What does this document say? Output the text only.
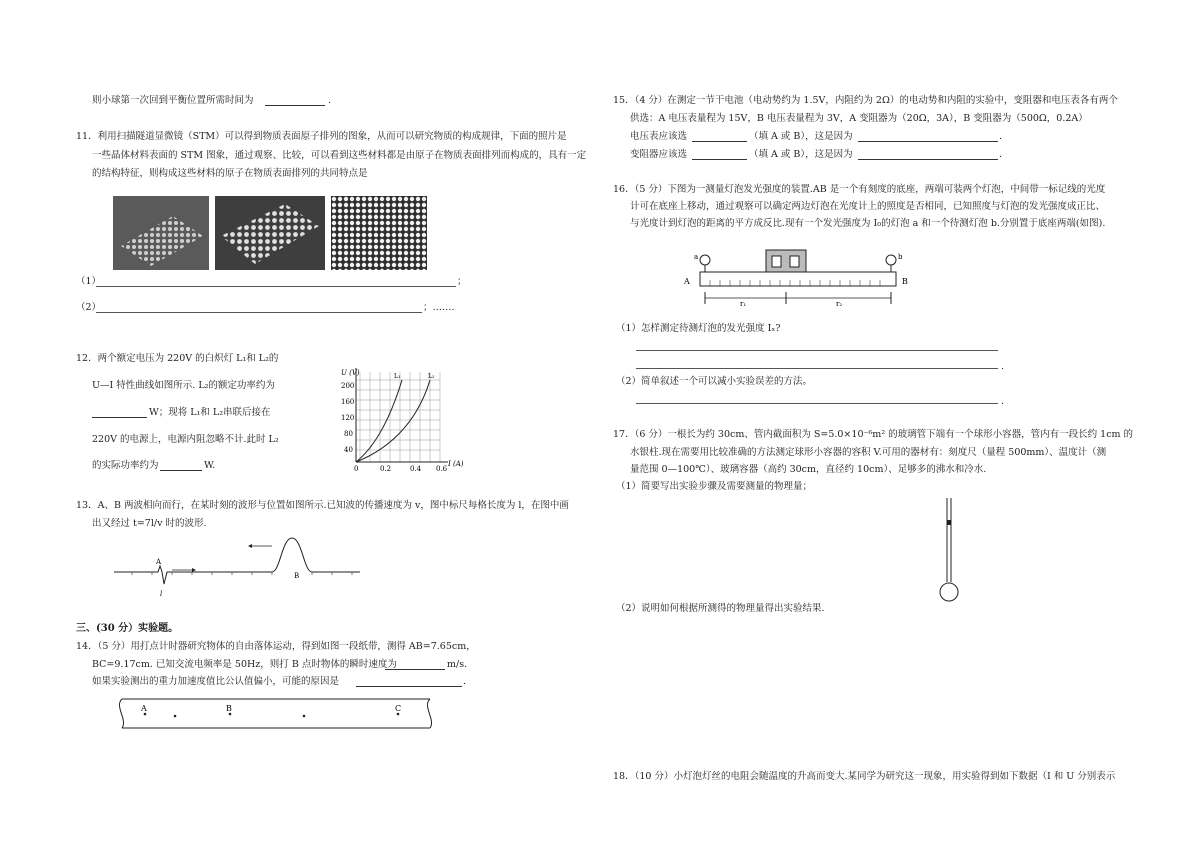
则小球第一次回到平衡位置所需时间为	.
11．利用扫描隧道显微镜（STM）可以得到物质表面原子排列的图象，从而可以研究物质的构成规律，下面的照片是
一些晶体材料表面的 STM 图象，通过观察、比较，可以看到这些材料都是由原子在物质表面排列而构成的，具有一定
的结构特征，则构成这些材料的原子在物质表面排列的共同特点是
（1）	；
（2）	；…….
12．两个额定电压为 220V 的白炽灯 L₁和 L₂的
U—I 特性曲线如图所示. L₂的额定功率约为
W；现将 L₁和 L₂串联后接在
220V 的电源上，电源内阻忽略不计.此时 L₂
的实际功率约为	W.
U (V)
200
160
120
80
40
0	0.2	0.4 0.6
I (A)
L₁	L₂
13．A、B 两波相向而行，在某时刻的波形与位置如图所示.已知波的传播速度为 v，图中标尺每格长度为 l，在图中画
出又经过 t=7l/v 时的波形.
A
B
l
三、(30 分）实验题。
14．（5 分）用打点计时器研究物体的自由落体运动，得到如图一段纸带，测得 AB=7.65cm，
BC=9.17cm. 已知交流电频率是 50Hz，则打 B 点时物体的瞬时速度为	m/s.
如果实验测出的重力加速度值比公认值偏小，可能的原因是	.
A	B	C
15．（4 分）在测定一节干电池（电动势约为 1.5V，内阻约为 2Ω）的电动势和内阻的实验中，变阻器和电压表各有两个
供选：A 电压表量程为 15V，B 电压表量程为 3V，A 变阻器为（20Ω，3A），B 变阻器为（500Ω，0.2A）
电压表应该选	（填 A 或 B），这是因为	.
变阻器应该选	（填 A 或 B），这是因为	.
16．（5 分）下图为一测量灯泡发光强度的装置.AB 是一个有刻度的底座，两端可装两个灯泡，中间带一标记线的光度
计可在底座上移动，通过观察可以确定两边灯泡在光度计上的照度是否相同，已知照度与灯泡的发光强度成正比、
与光度计到灯泡的距离的平方成反比.现有一个发光强度为 I₀的灯泡 a 和一个待测灯泡 b.分别置于底座两端(如图).
a	b
A	B
r₁	r₂
（1）怎样测定待测灯泡的发光强度 Iₓ?
.
（2）简单叙述一个可以减小实验误差的方法。
.
17．（6 分）一根长为约 30cm、管内截面积为 S=5.0×10⁻⁶m² 的玻璃管下端有一个球形小容器，管内有一段长约 1cm 的
水银柱.现在需要用比较准确的方法测定球形小容器的容积 V.可用的器材有：刻度尺（量程 500mm）、温度计（测
量范围 0—100℃）、玻璃容器（高约 30cm，直径约 10cm）、足够多的沸水和冷水.
（1）简要写出实验步骤及需要测量的物理量；
（2）说明如何根据所测得的物理量得出实验结果.
18．（10 分）小灯泡灯丝的电阻会随温度的升高而变大.某同学为研究这一现象，用实验得到如下数据（I 和 U 分别表示
